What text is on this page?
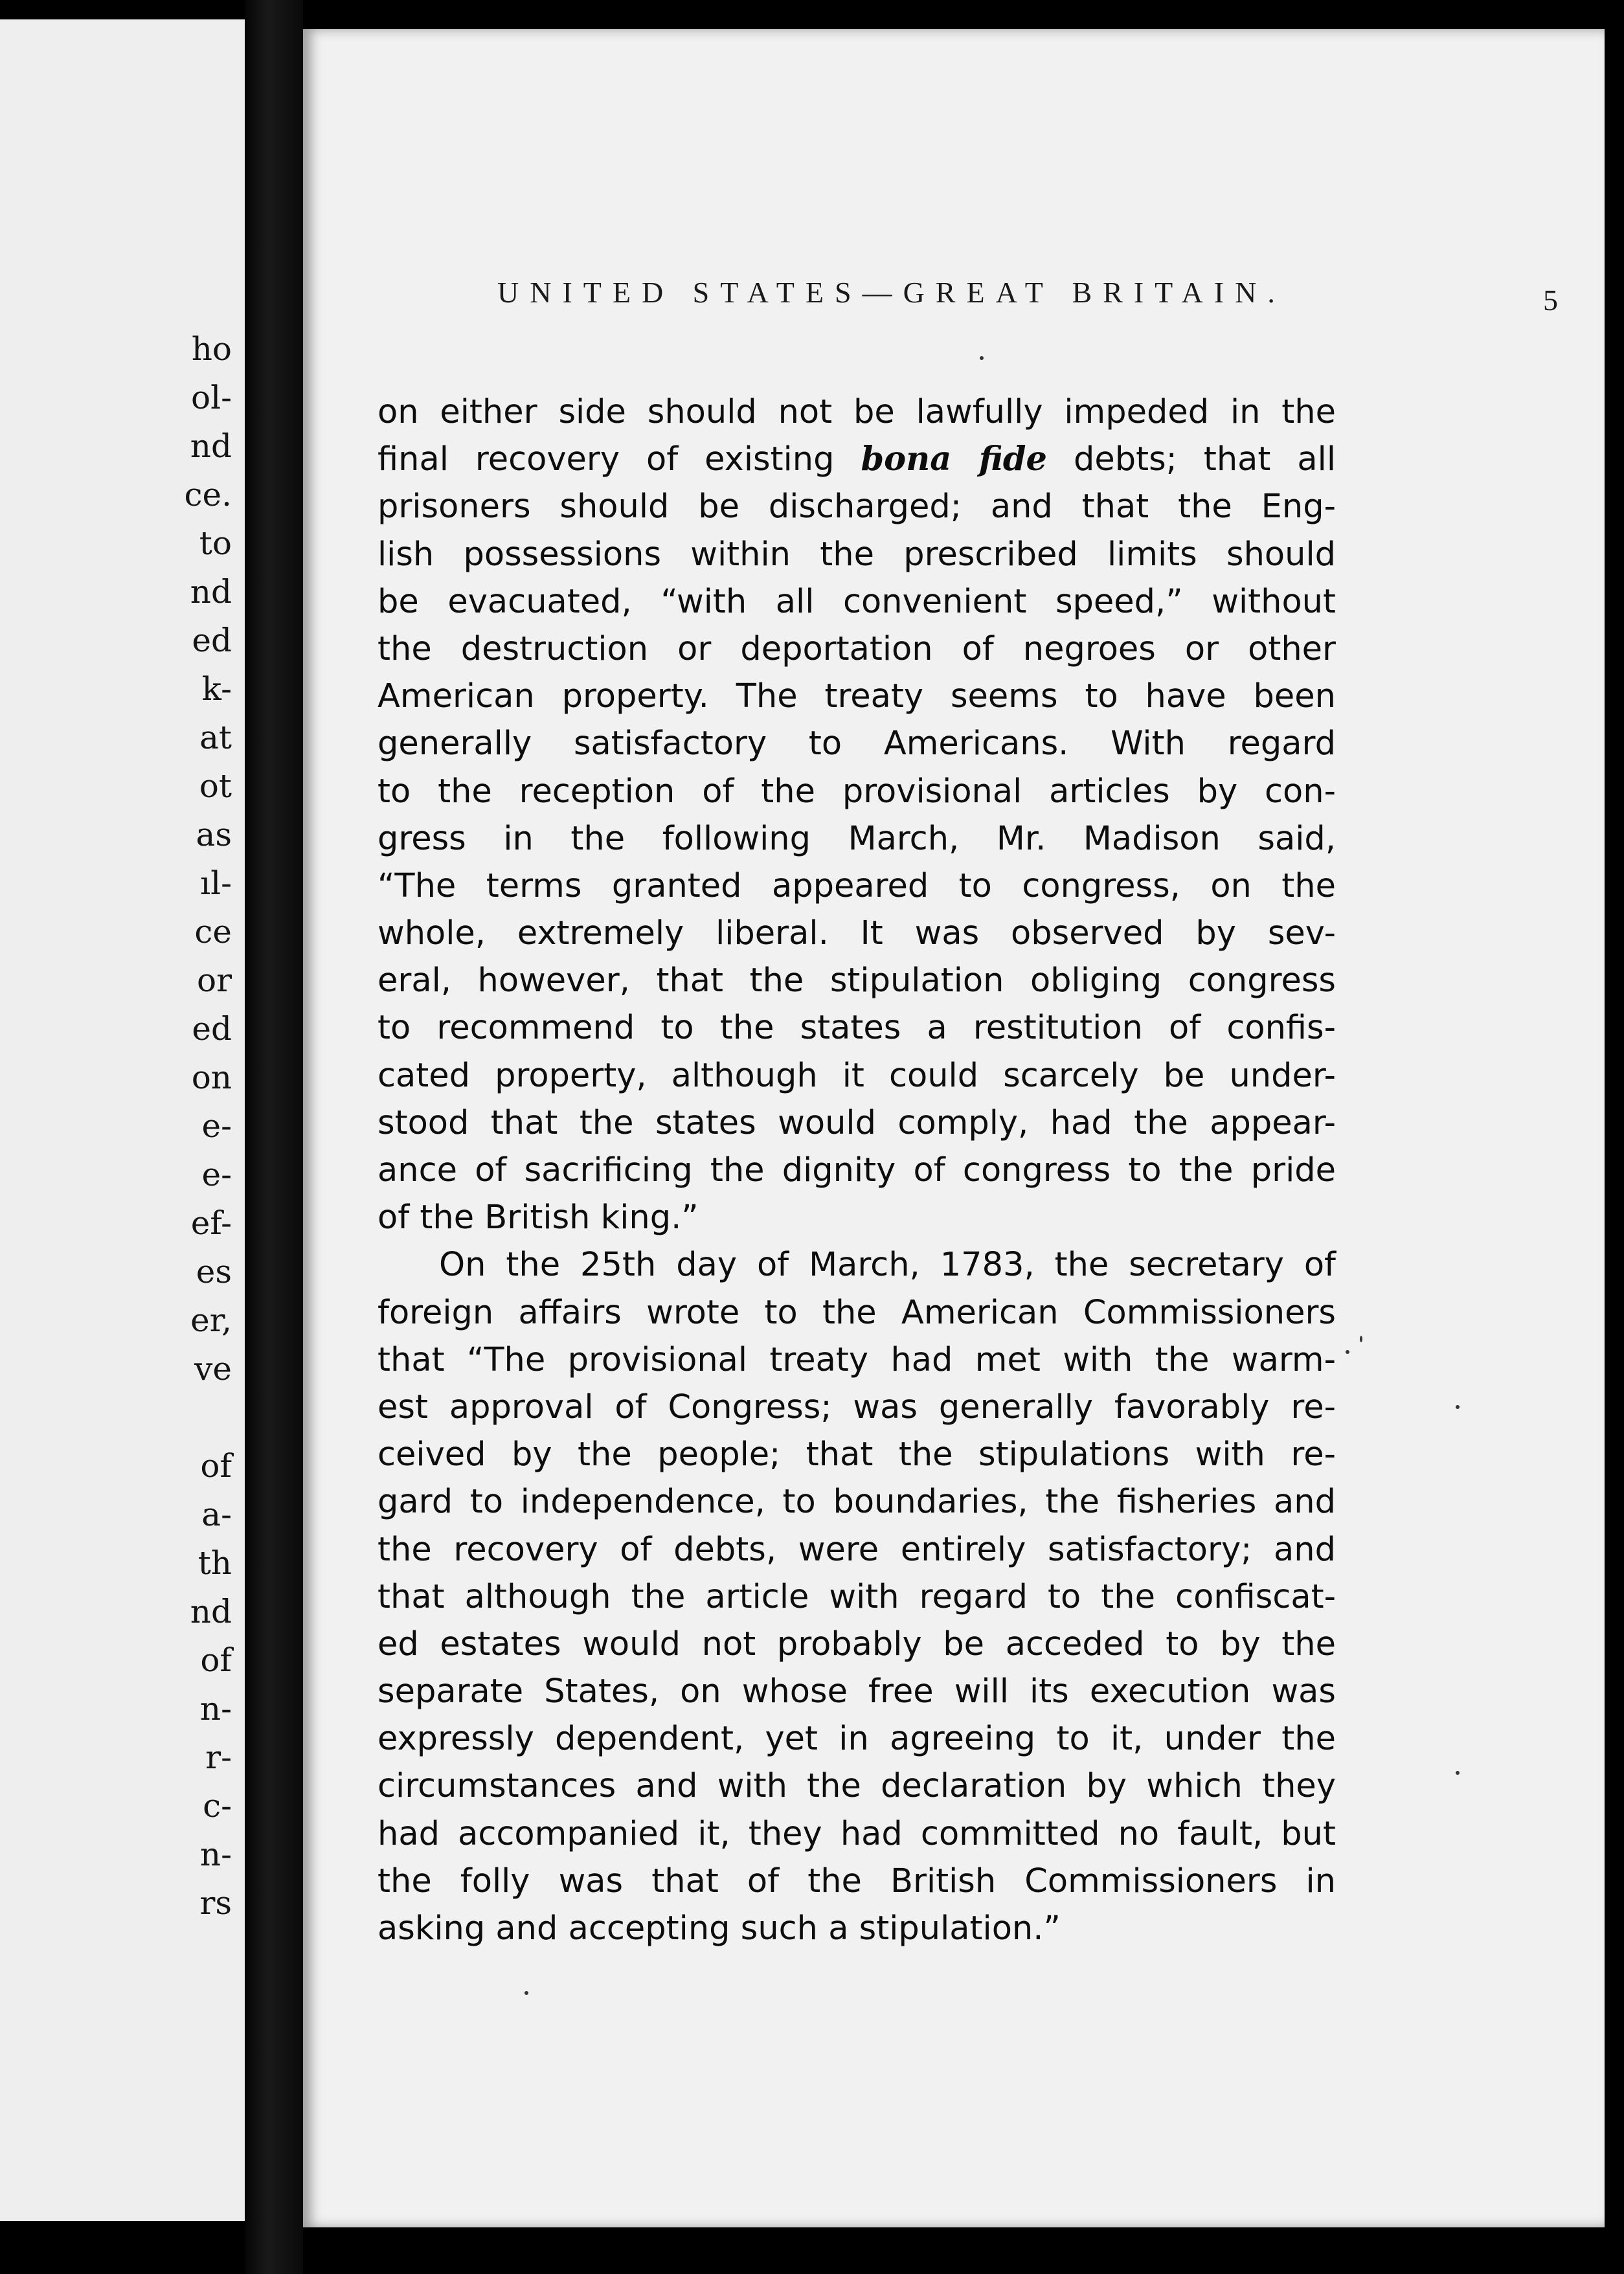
ho
ol-
nd
ce.
to
nd
ed
k-
at
ot
as
ıl-
ce
or
ed
on
e-
e-
ef-
es
er,
ve
of
a-
th
nd
of
n-
r-
c-
n-
rs
UNITED STATES—GREAT BRITAIN.	5
on either side should not be lawfully impeded in the
final recovery of existing bona fide debts; that all
prisoners should be discharged; and that the Eng-
lish possessions within the prescribed limits should
be evacuated, “with all convenient speed,” without
the destruction or deportation of negroes or other
American property. The treaty seems to have been
generally satisfactory to Americans. With regard
to the reception of the provisional articles by con-
gress in the following March, Mr. Madison said,
“The terms granted appeared to congress, on the
whole, extremely liberal. It was observed by sev-
eral, however, that the stipulation obliging congress
to recommend to the states a restitution of confis-
cated property, although it could scarcely be under-
stood that the states would comply, had the appear-
ance of sacrificing the dignity of congress to the pride
of the British king.”
On the 25th day of March, 1783, the secretary of
foreign affairs wrote to the American Commissioners
that “The provisional treaty had met with the warm-
est approval of Congress; was generally favorably re-
ceived by the people; that the stipulations with re-
gard to independence, to boundaries, the fisheries and
the recovery of debts, were entirely satisfactory; and
that although the article with regard to the confiscat-
ed estates would not probably be acceded to by the
separate States, on whose free will its execution was
expressly dependent, yet in agreeing to it, under the
circumstances and with the declaration by which they
had accompanied it, they had committed no fault, but
the folly was that of the British Commissioners in
asking and accepting such a stipulation.”
